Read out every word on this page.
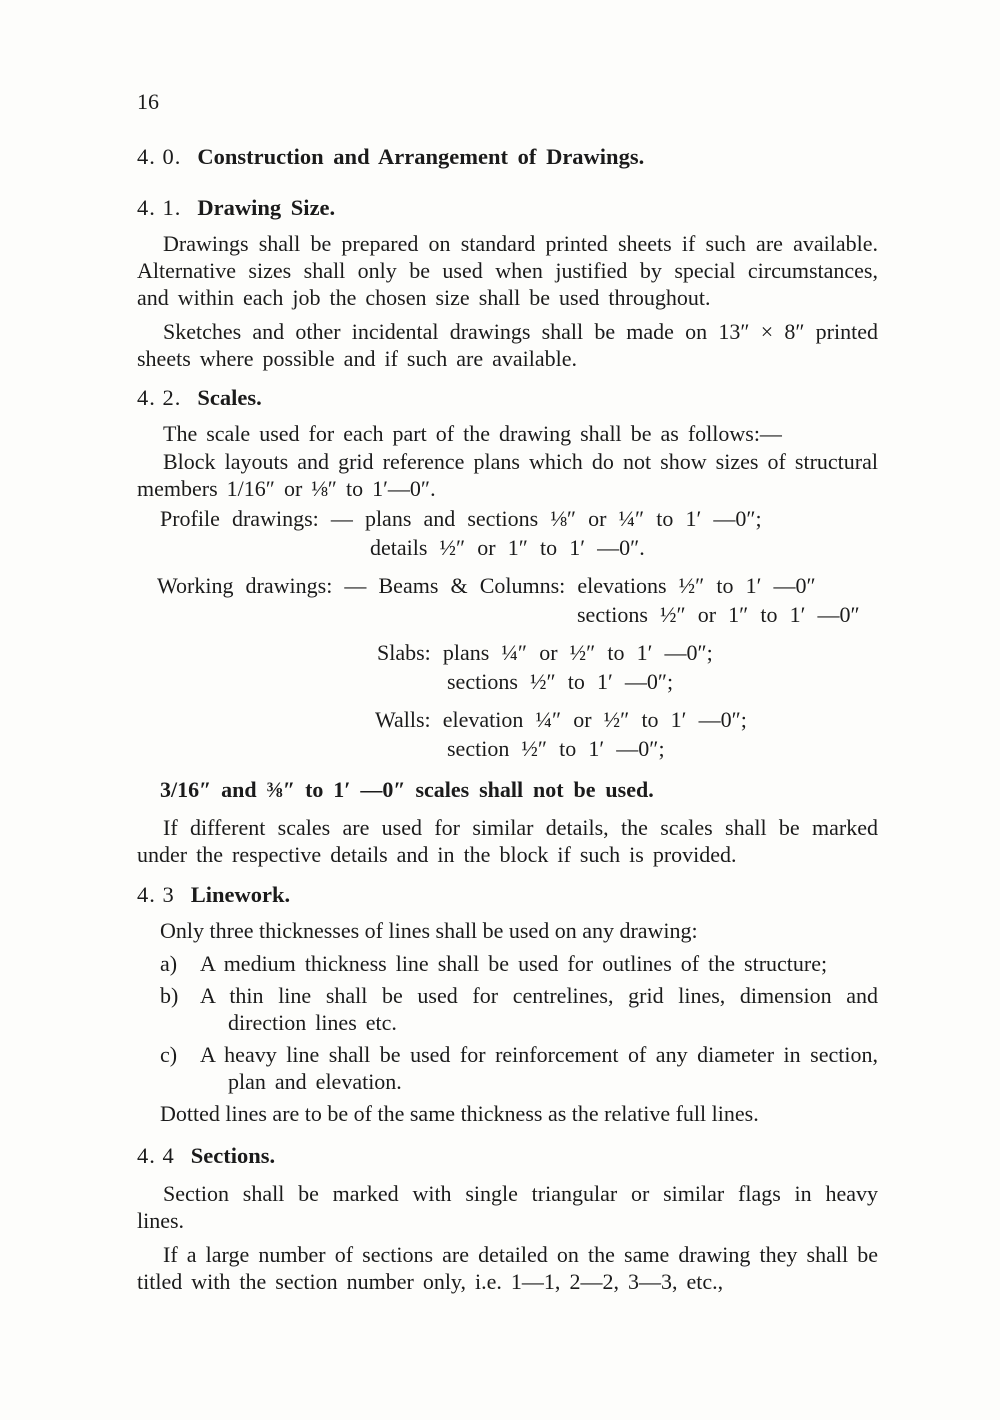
16
4. 0. Construction and Arrangement of Drawings.
4. 1. Drawing Size.

Drawings shall be prepared on standard printed sheets if such are available. Alternative sizes shall only be used when justified by special circumstances, and within each job the chosen size shall be used throughout.

Sketches and other incidental drawings shall be made on 13″ × 8″ printed sheets where possible and if such are available.

4. 2. Scales.

The scale used for each part of the drawing shall be as follows:—

Block layouts and grid reference plans which do not show sizes of structural members 1/16″ or ⅛″ to 1′—0″.

Profile drawings: — plans and sections ⅛″ or ¼″ to 1′ —0″;
details ½″ or 1″ to 1′ —0″.
Working drawings: — Beams & Columns: elevations ½″ to 1′ —0″
sections ½″ or 1″ to 1′ —0″
Slabs: plans ¼″ or ½″ to 1′ —0″;
sections ½″ to 1′ —0″;
Walls: elevation ¼″ or ½″ to 1′ —0″;
section ½″ to 1′ —0″;
3/16″ and ⅜″ to 1′ —0″ scales shall not be used.

If different scales are used for similar details, the scales shall be marked under the respective details and in the block if such is provided.

4. 3 Linework.
Only three thicknesses of lines shall be used on any drawing:
a) A medium thickness line shall be used for outlines of the structure;
b) A thin line shall be used for centrelines, grid lines, dimension and direction lines etc.
c) A heavy line shall be used for reinforcement of any diameter in section, plan and elevation.
Dotted lines are to be of the same thickness as the relative full lines.
4. 4 Sections.

Section shall be marked with single triangular or similar flags in heavy lines.

If a large number of sections are detailed on the same drawing they shall be titled with the section number only, i.e. 1—1, 2—2, 3—3, etc.,
